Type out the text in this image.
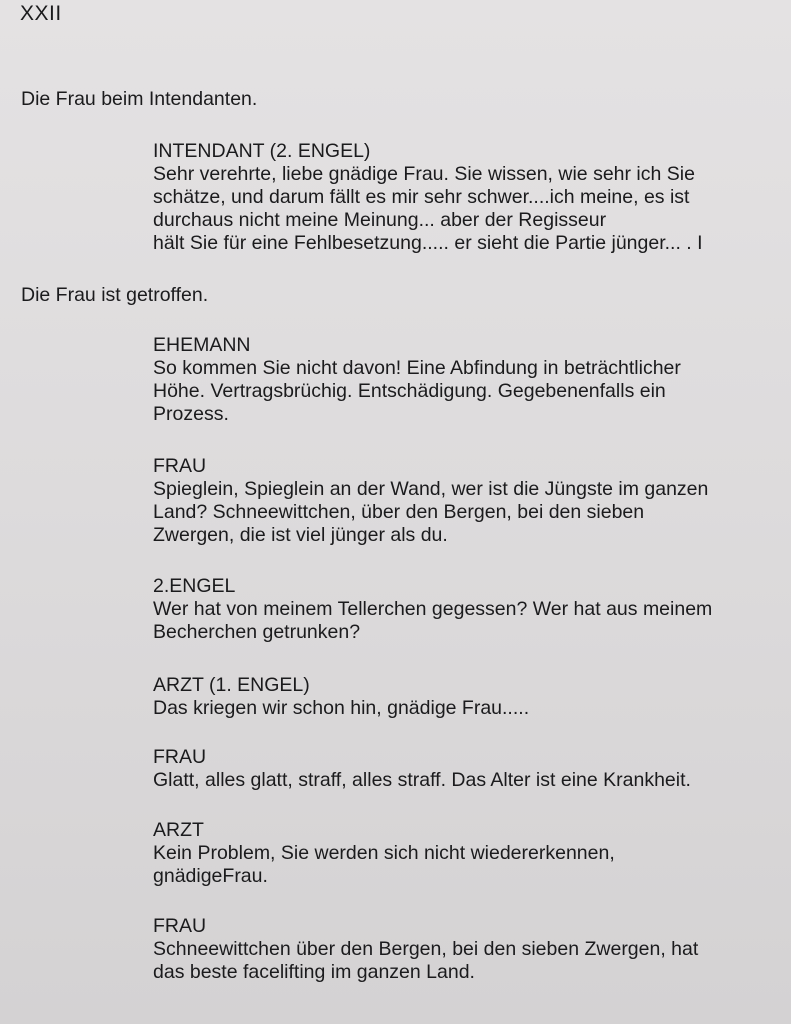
XXII
Die Frau beim Intendanten.
INTENDANT (2. ENGEL)
Sehr verehrte, liebe gnädige Frau. Sie wissen, wie sehr ich Sie
schätze, und darum fällt es mir sehr schwer....ich meine, es ist
durchaus nicht meine Meinung... aber der Regisseur
hält Sie für eine Fehlbesetzung..... er sieht die Partie jünger... . I
Die Frau ist getroffen.
EHEMANN
So kommen Sie nicht davon! Eine Abfindung in beträchtlicher
Höhe. Vertragsbrüchig. Entschädigung. Gegebenenfalls ein
Prozess.
FRAU
Spieglein, Spieglein an der Wand, wer ist die Jüngste im ganzen
Land? Schneewittchen, über den Bergen, bei den sieben
Zwergen, die ist viel jünger als du.
2.ENGEL
Wer hat von meinem Tellerchen gegessen? Wer hat aus meinem
Becherchen getrunken?
ARZT (1. ENGEL)
Das kriegen wir schon hin, gnädige Frau.....
FRAU
Glatt, alles glatt, straff, alles straff. Das Alter ist eine Krankheit.
ARZT
Kein Problem, Sie werden sich nicht wiedererkennen,
gnädigeFrau.
FRAU
Schneewittchen über den Bergen, bei den sieben Zwergen, hat
das beste facelifting im ganzen Land.
